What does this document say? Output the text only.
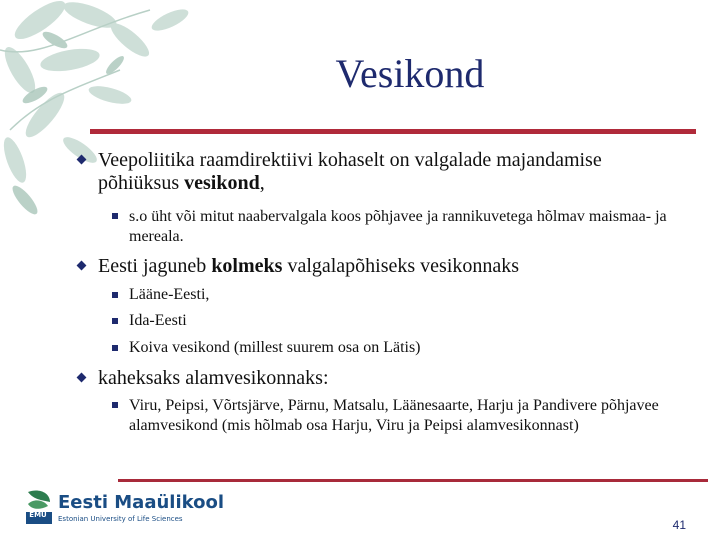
Vesikond
Veepoliitika raamdirektiivi kohaselt on valgalade majandamise põhiüksus vesikond,
s.o üht või mitut naabervalgala koos põhjavee ja rannikuvetega hõlmav maismaa- ja mereala.
Eesti jaguneb kolmeks valgalapõhiseks vesikonnaks
Lääne-Eesti,
Ida-Eesti
Koiva vesikond (millest suurem osa on Lätis)
kaheksaks alamvesikonnaks:
Viru, Peipsi, Võrtsjärve, Pärnu, Matsalu, Läänesaarte, Harju ja Pandivere põhjavee alamvesikond (mis hõlmab osa Harju, Viru ja Peipsi alamvesikonnast)
EMÜ
Eesti Maaülikool
Estonian University of Life Sciences	41
